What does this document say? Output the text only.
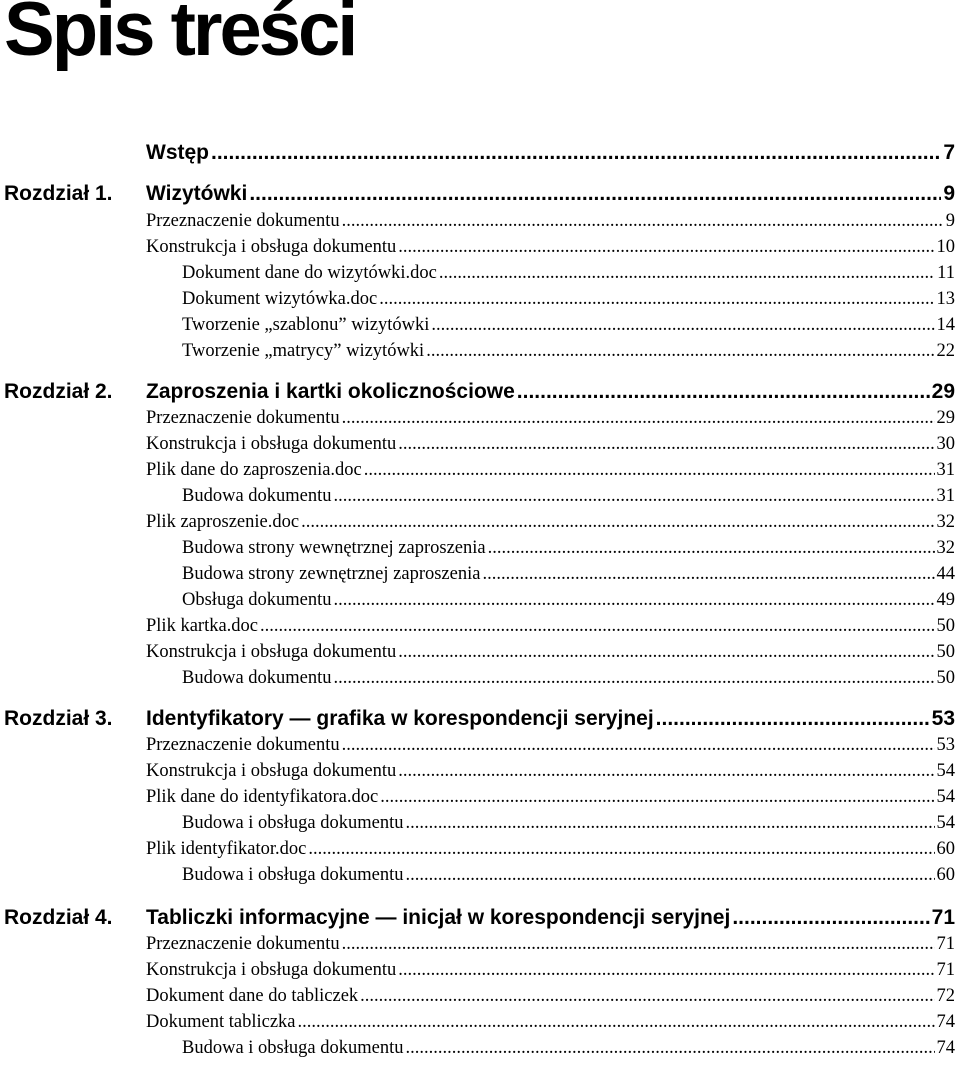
Spis treści
Wstęp .....	7
Rozdział 1. Wizytówki .....	9
Przeznaczenie dokumentu .....	9
Konstrukcja i obsługa dokumentu .....	10
Dokument dane do wizytówki.doc .....	11
Dokument wizytówka.doc .....	13
Tworzenie „szablonu” wizytówki .....	14
Tworzenie „matrycy” wizytówki .....	22
Rozdział 2. Zaproszenia i kartki okolicznościowe .....	29
Przeznaczenie dokumentu .....	29
Konstrukcja i obsługa dokumentu .....	30
Plik dane do zaproszenia.doc .....	31
Budowa dokumentu .....	31
Plik zaproszenie.doc .....	32
Budowa strony wewnętrznej zaproszenia .....	32
Budowa strony zewnętrznej zaproszenia .....	44
Obsługa dokumentu .....	49
Plik kartka.doc .....	50
Konstrukcja i obsługa dokumentu .....	50
Budowa dokumentu .....	50
Rozdział 3. Identyfikatory — grafika w korespondencji seryjnej .....	53
Przeznaczenie dokumentu .....	53
Konstrukcja i obsługa dokumentu .....	54
Plik dane do identyfikatora.doc .....	54
Budowa i obsługa dokumentu .....	54
Plik identyfikator.doc .....	60
Budowa i obsługa dokumentu .....	60
Rozdział 4. Tabliczki informacyjne — inicjał w korespondencji seryjnej .....	71
Przeznaczenie dokumentu .....	71
Konstrukcja i obsługa dokumentu .....	71
Dokument dane do tabliczek .....	72
Dokument tabliczka .....	74
Budowa i obsługa dokumentu .....	74
